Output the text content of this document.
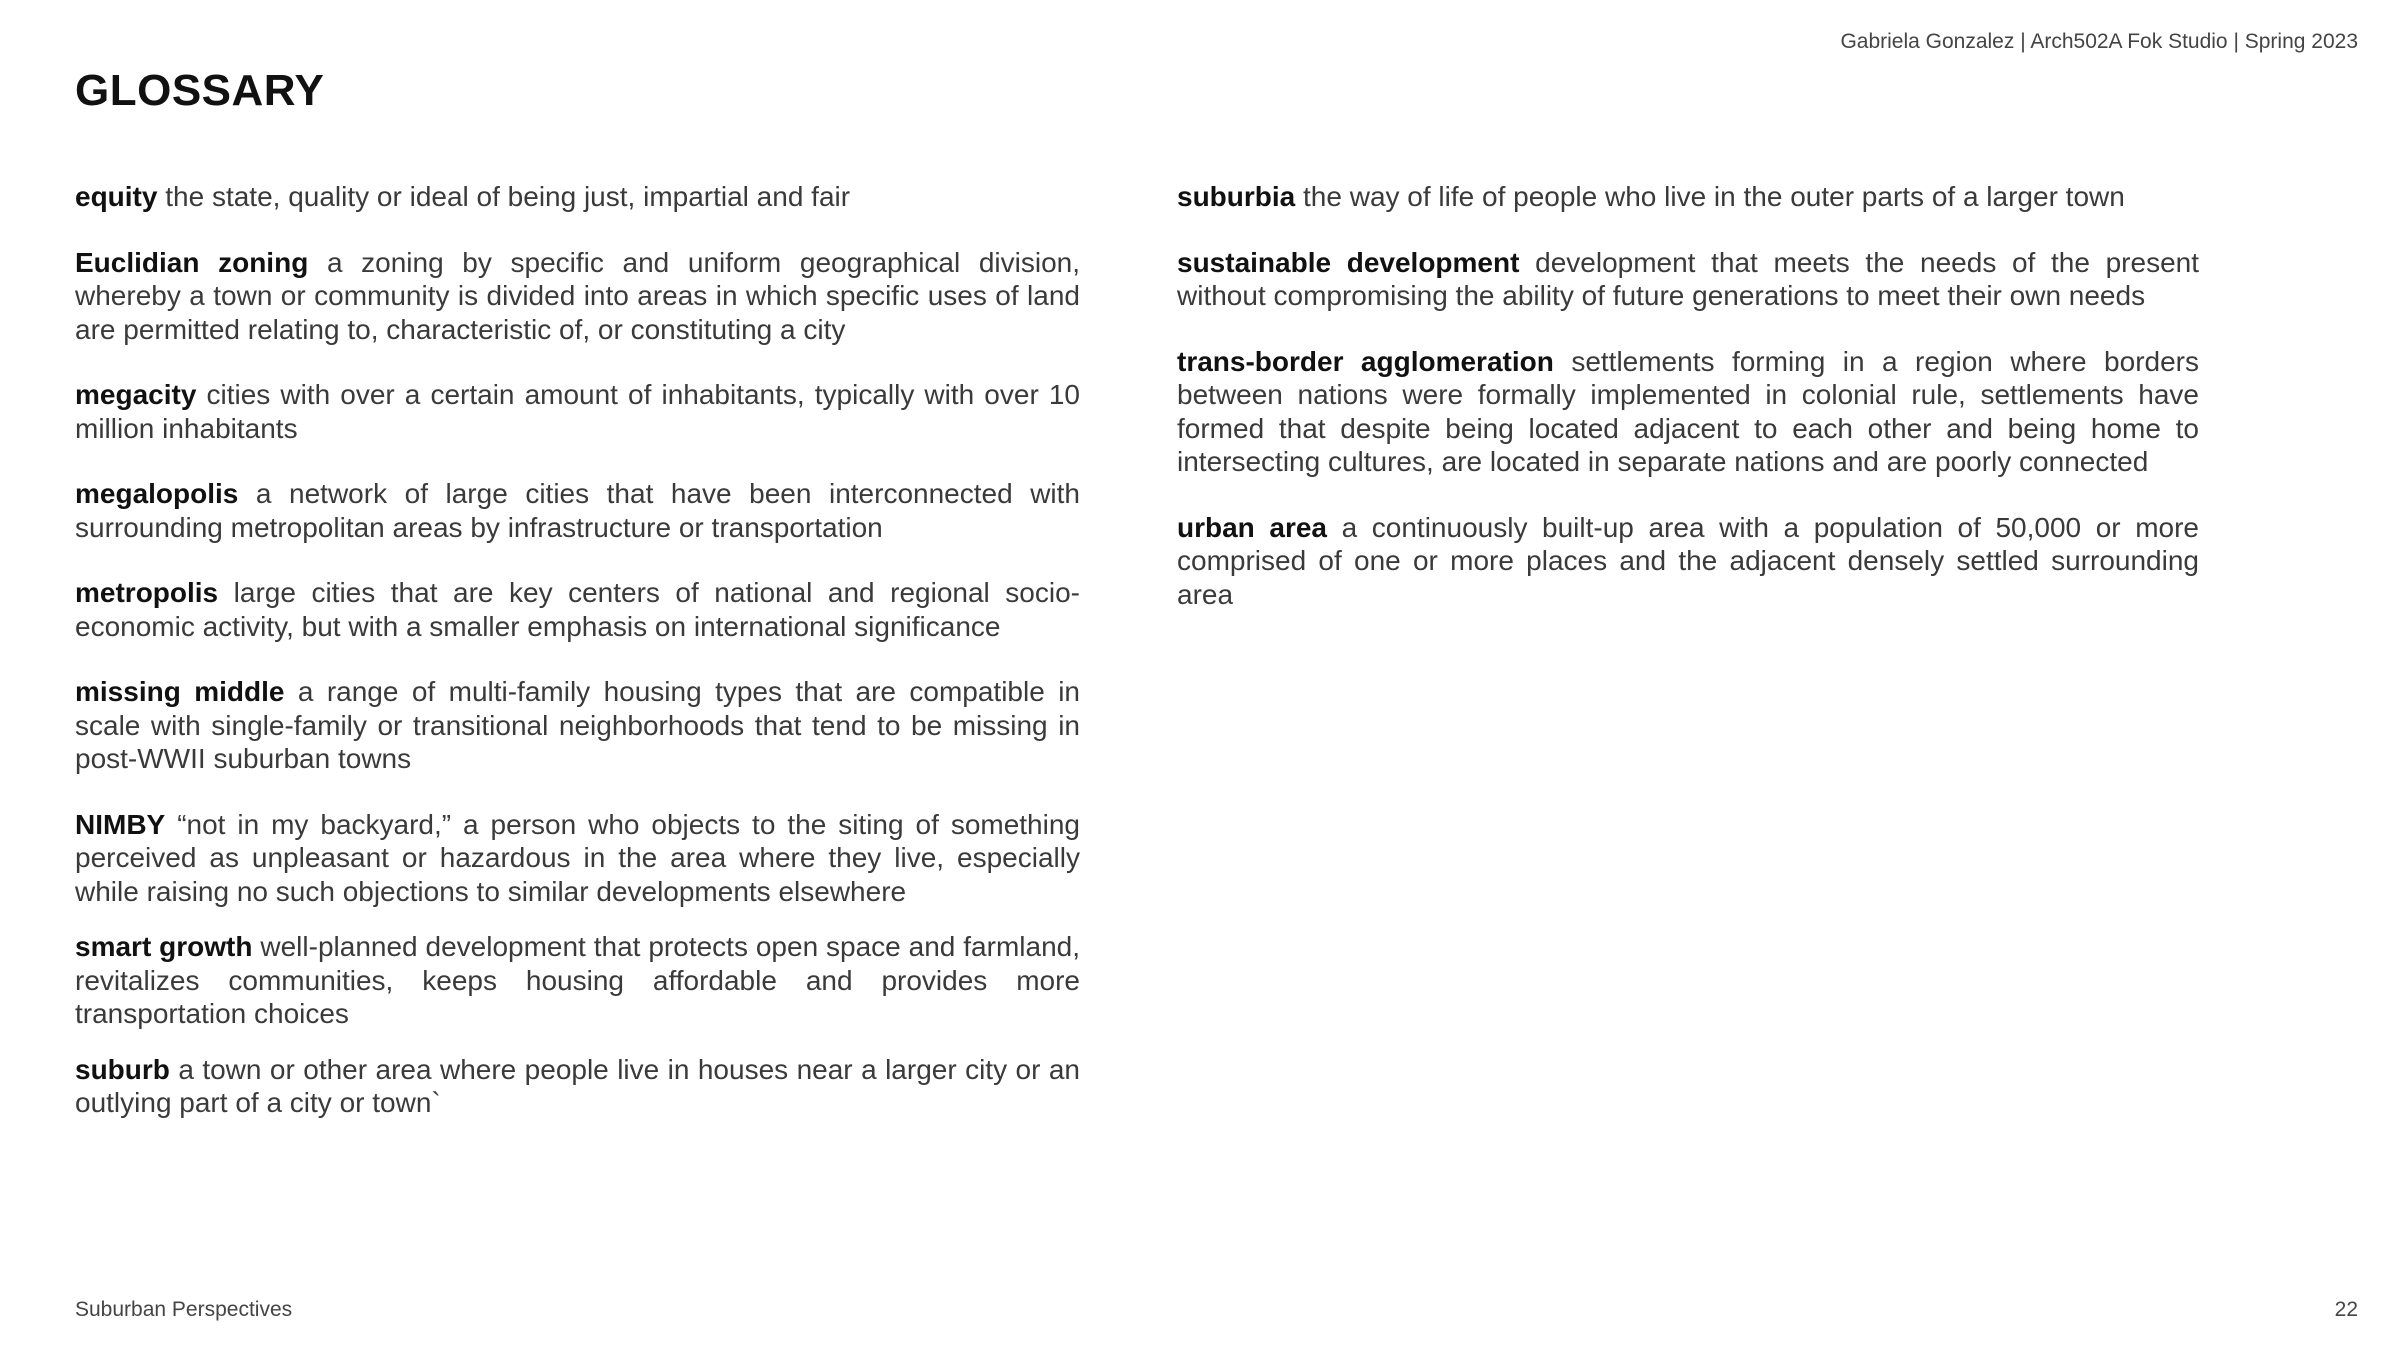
Gabriela Gonzalez | Arch502A Fok Studio | Spring 2023
GLOSSARY

equity the state, quality or ideal of being just, impartial and fair

Euclidian zoning a zoning by specific and uniform geographical division, whereby a town or community is divided into areas in which specific uses of land are permitted relating to, characteristic of, or constituting a city

megacity cities with over a certain amount of inhabitants, typically with over 10 million inhabitants

megalopolis a network of large cities that have been interconnected with surrounding metropolitan areas by infrastructure or transportation

metropolis large cities that are key centers of national and regional socio-economic activity, but with a smaller emphasis on international significance

missing middle a range of multi-family housing types that are compatible in scale with single-family or transitional neighborhoods that tend to be missing in post-WWII suburban towns

NIMBY “not in my backyard,” a person who objects to the siting of something perceived as unpleasant or hazardous in the area where they live, especially while raising no such objections to similar developments elsewhere

smart growth well-planned development that protects open space and farmland, revitalizes communities, keeps housing affordable and provides more transportation choices

suburb a town or other area where people live in houses near a larger city or an outlying part of a city or town`

suburbia the way of life of people who live in the outer parts of a larger town

sustainable development development that meets the needs of the present without compromising the ability of future generations to meet their own needs

trans-border agglomeration settlements forming in a region where borders between nations were formally implemented in colonial rule, settlements have formed that despite being located adjacent to each other and being home to intersecting cultures, are located in separate nations and are poorly connected

urban area a continuously built-up area with a population of 50,000 or more comprised of one or more places and the adjacent densely settled surrounding area

Suburban Perspectives	22
